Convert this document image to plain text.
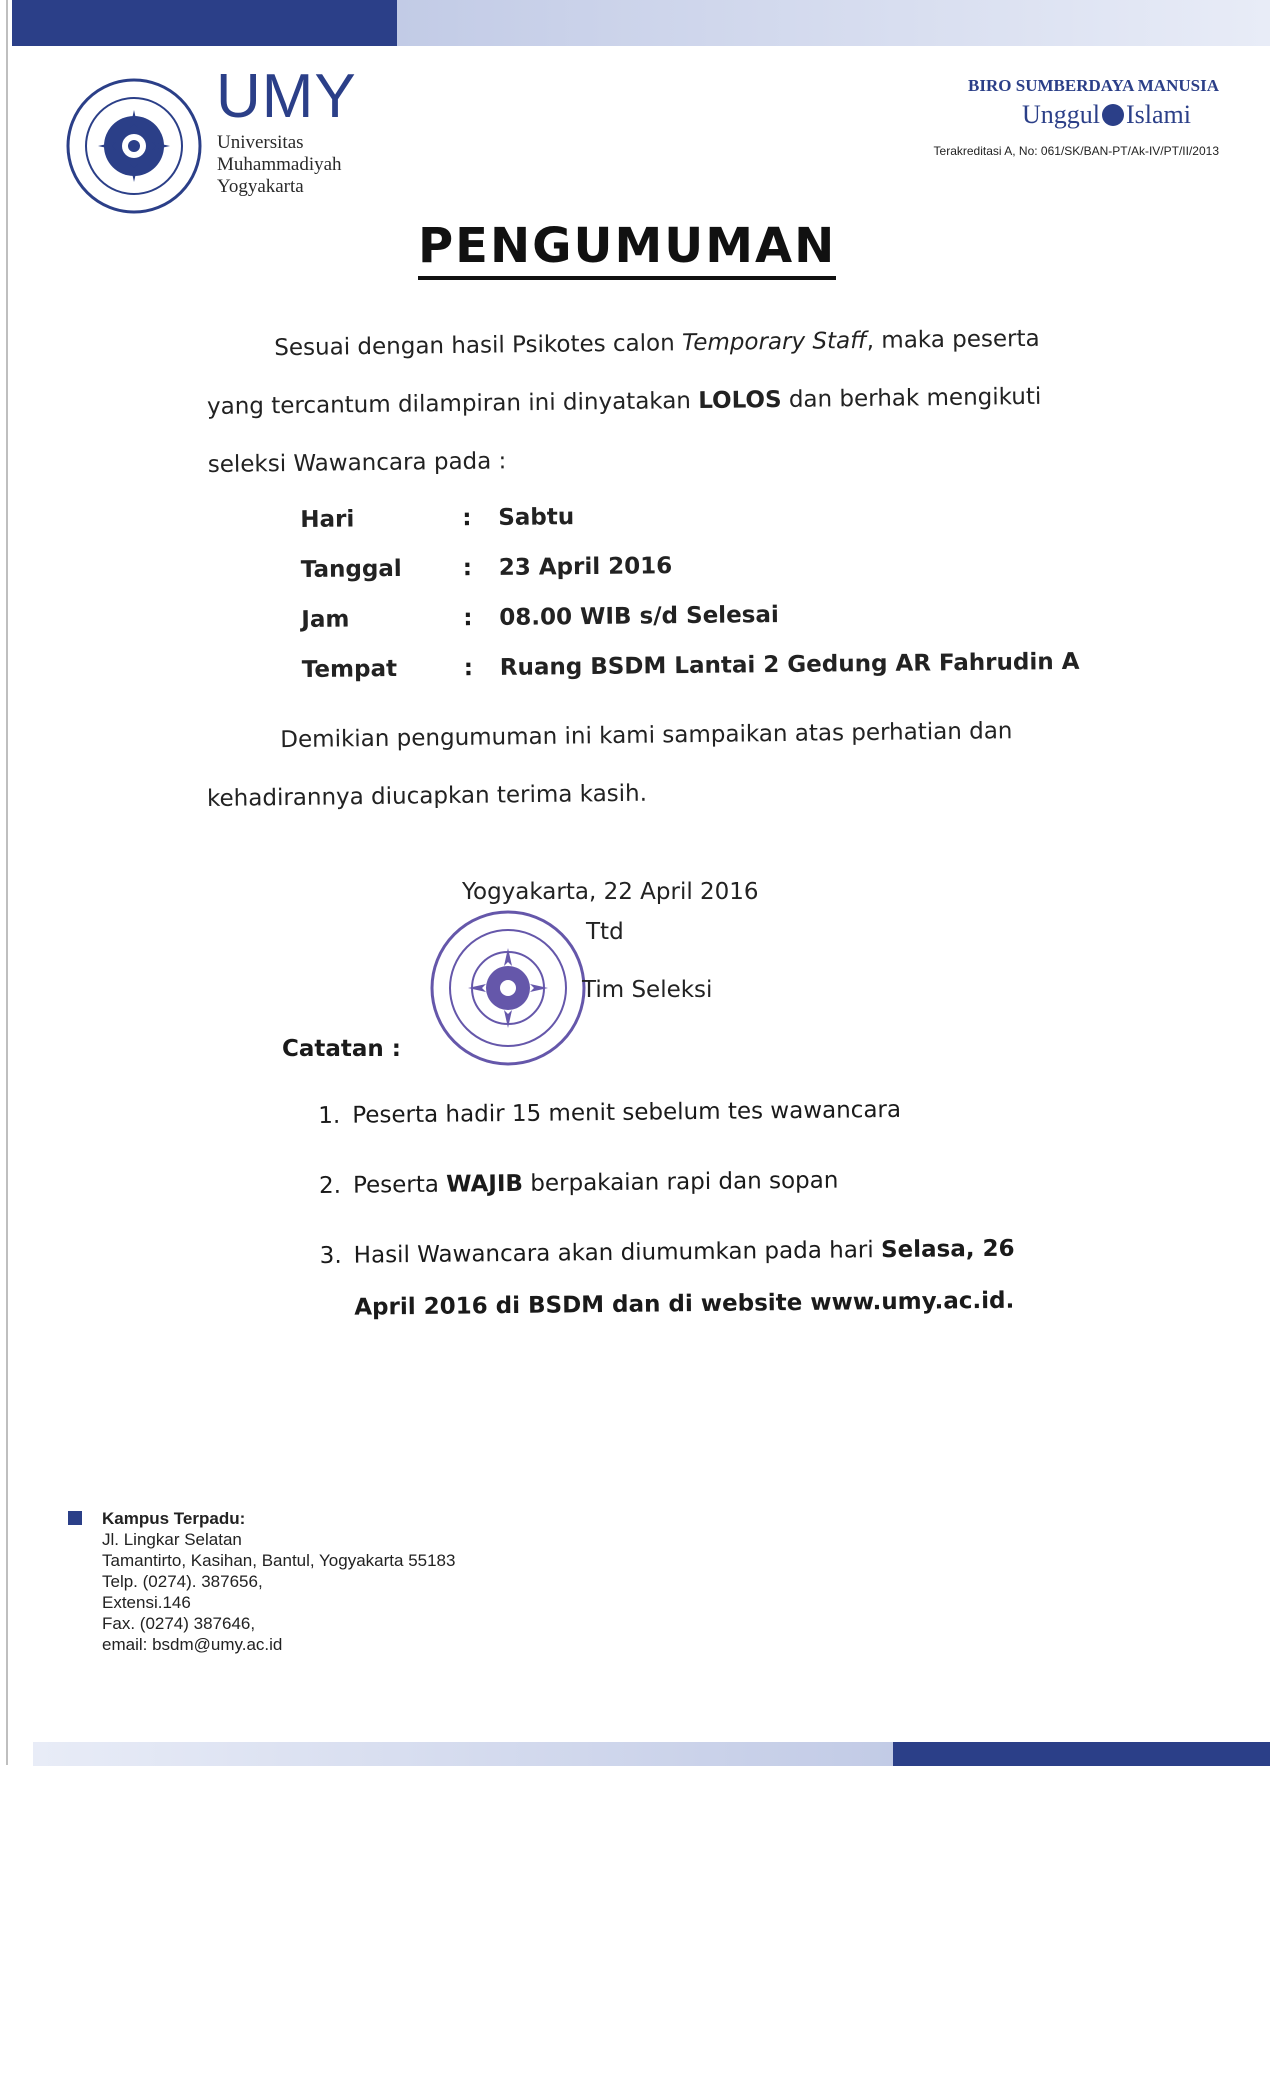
UMY
Universitas
Muhammadiyah
Yogyakarta
BIRO SUMBERDAYA MANUSIA
Unggul Islami
Terakreditasi A, No: 061/SK/BAN-PT/Ak-IV/PT/II/2013
PENGUMUMAN
Sesuai dengan hasil Psikotes calon Temporary Staff, maka peserta yang tercantum dilampiran ini dinyatakan LOLOS dan berhak mengikuti seleksi Wawancara pada :
Hari	:	Sabtu
Tanggal	:	23 April 2016
Jam	:	08.00 WIB s/d Selesai
Tempat	:	Ruang BSDM Lantai 2 Gedung AR Fahrudin A
Demikian pengumuman ini kami sampaikan atas perhatian dan kehadirannya diucapkan terima kasih.
Yogyakarta, 22 April 2016
Ttd
Tim Seleksi
Catatan :
1. Peserta hadir 15 menit sebelum tes wawancara
2. Peserta WAJIB berpakaian rapi dan sopan
3. Hasil Wawancara akan diumumkan pada hari Selasa, 26 April 2016 di BSDM dan di website www.umy.ac.id.
Kampus Terpadu:
Jl. Lingkar Selatan
Tamantirto, Kasihan, Bantul, Yogyakarta 55183
Telp. (0274). 387656,
Extensi.146
Fax. (0274) 387646,
email: bsdm@umy.ac.id
